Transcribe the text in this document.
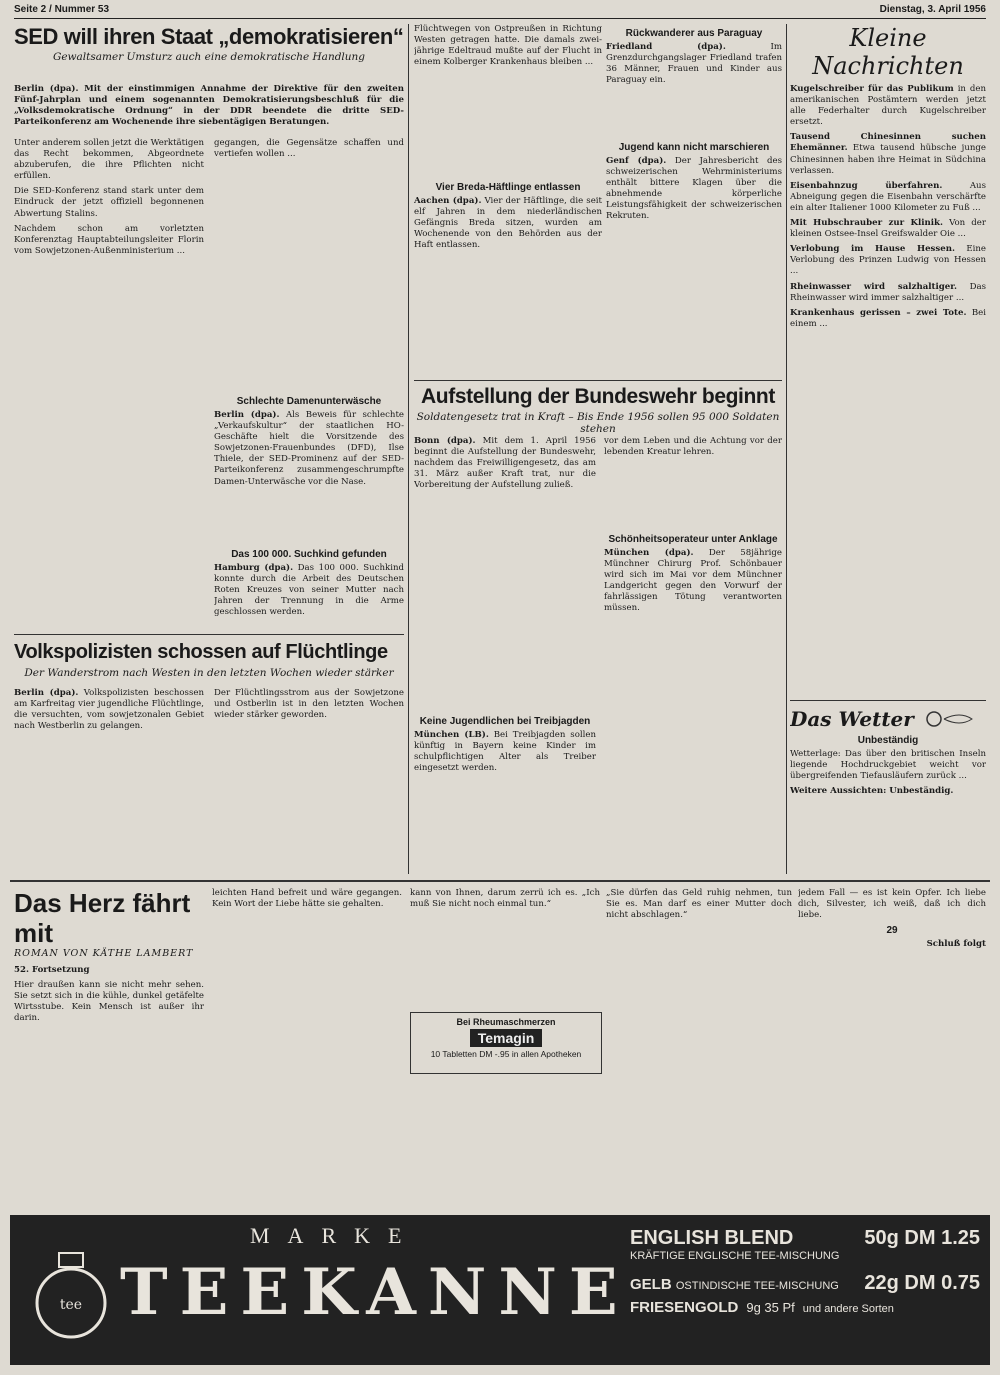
Seite 2 / Nummer 53	Dienstag, 3. April 1956
SED will ihren Staat „demokratisieren“
Gewaltsamer Umsturz auch eine demokratische Handlung

Berlin (dpa). Mit der einstimmigen Annahme der Direktive für den zweiten Fünf-Jahrplan und einem sogenannten Demokratisierungsbeschluß für die „Volksdemokratische Ordnung“ in der DDR beendete die dritte SED-Parteikonferenz am Wochenende ihre siebentägigen Beratungen.

Unter anderem sollen jetzt die Werktätigen das Recht bekommen, Abgeordnete abzuberufen, die ihre Pflichten nicht erfüllen.

Die SED-Konferenz stand stark unter dem Eindruck der jetzt offiziell begonnenen Abwertung Stalins.

Nachdem schon am vorletzten Konferenztag Hauptabteilungsleiter Florin vom Sowjetzonen-Außenministerium ...

gegangen, die Gegensätze schaffen und vertiefen wollen ...

Schlechte Damenunterwäsche

Berlin (dpa). Als Beweis für schlechte „Verkaufskultur“ der staatlichen HO-Geschäfte hielt die Vorsitzende des Sowjetzonen-Frauenbundes (DFD), Ilse Thiele, der SED-Prominenz auf der SED-Parteikonferenz zusammengeschrumpfte Damen-Unterwäsche vor die Nase.

Das 100 000. Suchkind gefunden

Hamburg (dpa). Das 100 000. Suchkind konnte durch die Arbeit des Deutschen Roten Kreuzes von seiner Mutter nach Jahren der Trennung in die Arme geschlossen werden.

Volkspolizisten schossen auf Flüchtlinge
Der Wanderstrom nach Westen in den letzten Wochen wieder stärker

Berlin (dpa). Volkspolizisten beschossen am Karfreitag vier jugendliche Flüchtlinge, die versuchten, vom sowjetzonalen Gebiet nach Westberlin zu gelangen.

Der Flüchtlingsstrom aus der Sowjetzone und Ostberlin ist in den letzten Wochen wieder stärker geworden.

Flüchtwegen von Ostpreußen in Richtung Westen getragen hatte. Die damals zwei-jährige Edeltraud mußte auf der Flucht in einem Kolberger Krankenhaus bleiben ...

Vier Breda-Häftlinge entlassen

Aachen (dpa). Vier der Häftlinge, die seit elf Jahren in dem niederländischen Gefängnis Breda sitzen, wurden am Wochenende von den Behörden aus der Haft entlassen.

Rückwanderer aus Paraguay

Friedland (dpa).	Im Grenzdurchgangslager Friedland trafen 36 Männer, Frauen und Kinder aus Paraguay ein.

Jugend kann nicht marschieren

Genf (dpa). Der Jahresbericht des schweizerischen Wehrministeriums enthält bittere Klagen über die abnehmende körperliche Leistungsfähigkeit der schweizerischen Rekruten.

Aufstellung der Bundeswehr beginnt
Soldatengesetz trat in Kraft – Bis Ende 1956 sollen 95 000 Soldaten stehen

Bonn (dpa). Mit dem 1. April 1956 beginnt die Aufstellung der Bundeswehr, nachdem das Freiwilligengesetz, das am 31. März außer Kraft trat, nur die Vorbereitung der Aufstellung zuließ.

vor dem Leben und die Achtung vor der lebenden Kreatur lehren.

Schönheitsoperateur unter Anklage

München (dpa). Der 58jährige Münchner Chirurg Prof. Schönbauer wird sich im Mai vor dem Münchner Landgericht gegen den Vorwurf der fahrlässigen Tötung verantworten müssen.

Keine Jugendlichen bei Treibjagden

München (LB). Bei Treibjagden sollen künftig in Bayern keine Kinder im schulpflichtigen Alter als Treiber eingesetzt werden.

Kleine Nachrichten

Kugelschreiber für das Publikum in den amerikanischen Postämtern werden jetzt alle Federhalter durch Kugelschreiber ersetzt.

Tausend Chinesinnen suchen Ehemänner. Etwa tausend hübsche junge Chinesinnen haben ihre Heimat in Südchina verlassen.

Eisenbahnzug überfahren.	Aus Abneigung gegen die Eisenbahn verschärfte ein alter Italiener 1000 Kilometer zu Fuß ...

Mit Hubschrauber zur Klinik. Von der kleinen Ostsee-Insel Greifswalder Oie ...

Verlobung im Hause Hessen. Eine Verlobung des Prinzen Ludwig von Hessen ...

Rheinwasser wird salzhaltiger. Das Rheinwasser wird immer salzhaltiger ...

Krankenhaus gerissen – zwei Tote. Bei einem ...

Das Wetter
Unbeständig

Wetterlage: Das über den britischen Inseln liegende Hochdruckgebiet weicht vor übergreifenden Tiefausläufern zurück ...

Weitere Aussichten: Unbeständig.

Das Herz fährt mit
ROMAN VON KÄTHE LAMBERT

52. Fortsetzung

Hier draußen kann sie nicht mehr sehen. Sie setzt sich in die kühle, dunkel getäfelte Wirtsstube. Kein Mensch ist außer ihr darin.

leichten Hand befreit und wäre gegangen. Kein Wort der Liebe hätte sie gehalten.

kann von Ihnen, darum zerrü ich es. „Ich muß Sie nicht noch einmal tun.“

Bei Rheumaschmerzen
Temagin
10 Tabletten DM -.95 in allen Apotheken

„Sie dürfen das Geld ruhig nehmen, tun Sie es. Man darf es einer Mutter doch nicht abschlagen.“

jedem Fall — es ist kein Opfer. Ich liebe dich, Silvester, ich weiß, daß ich dich liebe.

29

Schluß folgt

tee
MARKE
TEEKANNE
ENGLISH BLEND	50g DM 1.25
KRÄFTIGE ENGLISCHE TEE-MISCHUNG
GELB OSTINDISCHE TEE-MISCHUNG 22g DM 0.75
FRIESENGOLD 9g 35 Pf und andere Sorten
